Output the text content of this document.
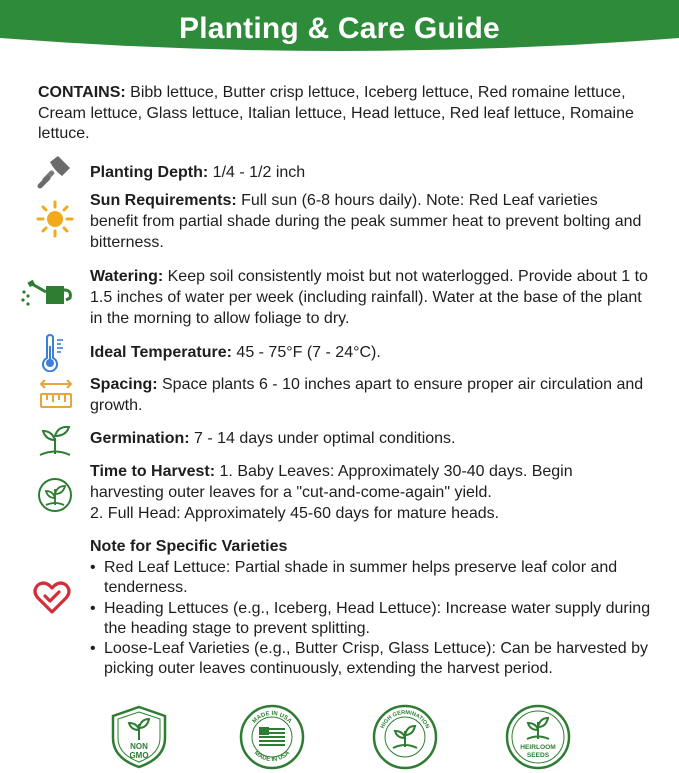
Planting & Care Guide
CONTAINS: Bibb lettuce, Butter crisp lettuce, Iceberg lettuce, Red romaine lettuce, Cream lettuce, Glass lettuce, Italian lettuce, Head lettuce, Red leaf lettuce, Romaine lettuce.
Planting Depth: 1/4 - 1/2 inch
Sun Requirements: Full sun (6-8 hours daily). Note: Red Leaf varieties benefit from partial shade during the peak summer heat to prevent bolting and bitterness.
Watering: Keep soil consistently moist but not waterlogged. Provide about 1 to 1.5 inches of water per week (including rainfall). Water at the base of the plant in the morning to allow foliage to dry.
Ideal Temperature: 45 - 75°F (7 - 24°C).
Spacing: Space plants 6 - 10 inches apart to ensure proper air circulation and growth.
Germination: 7 - 14 days under optimal conditions.
Time to Harvest: 1. Baby Leaves: Approximately 30-40 days. Begin harvesting outer leaves for a "cut-and-come-again" yield.
2. Full Head: Approximately 45-60 days for mature heads.
Note for Specific Varieties
• Red Leaf Lettuce: Partial shade in summer helps preserve leaf color and tenderness.
• Heading Lettuces (e.g., Iceberg, Head Lettuce): Increase water supply during the heading stage to prevent splitting.
• Loose-Leaf Varieties (e.g., Butter Crisp, Glass Lettuce): Can be harvested by picking outer leaves continuously, extending the harvest period.
NON
GMO
MADE IN USA
MADE IN USA
HIGH GERMINATION
HEIRLOOM
SEEDS
